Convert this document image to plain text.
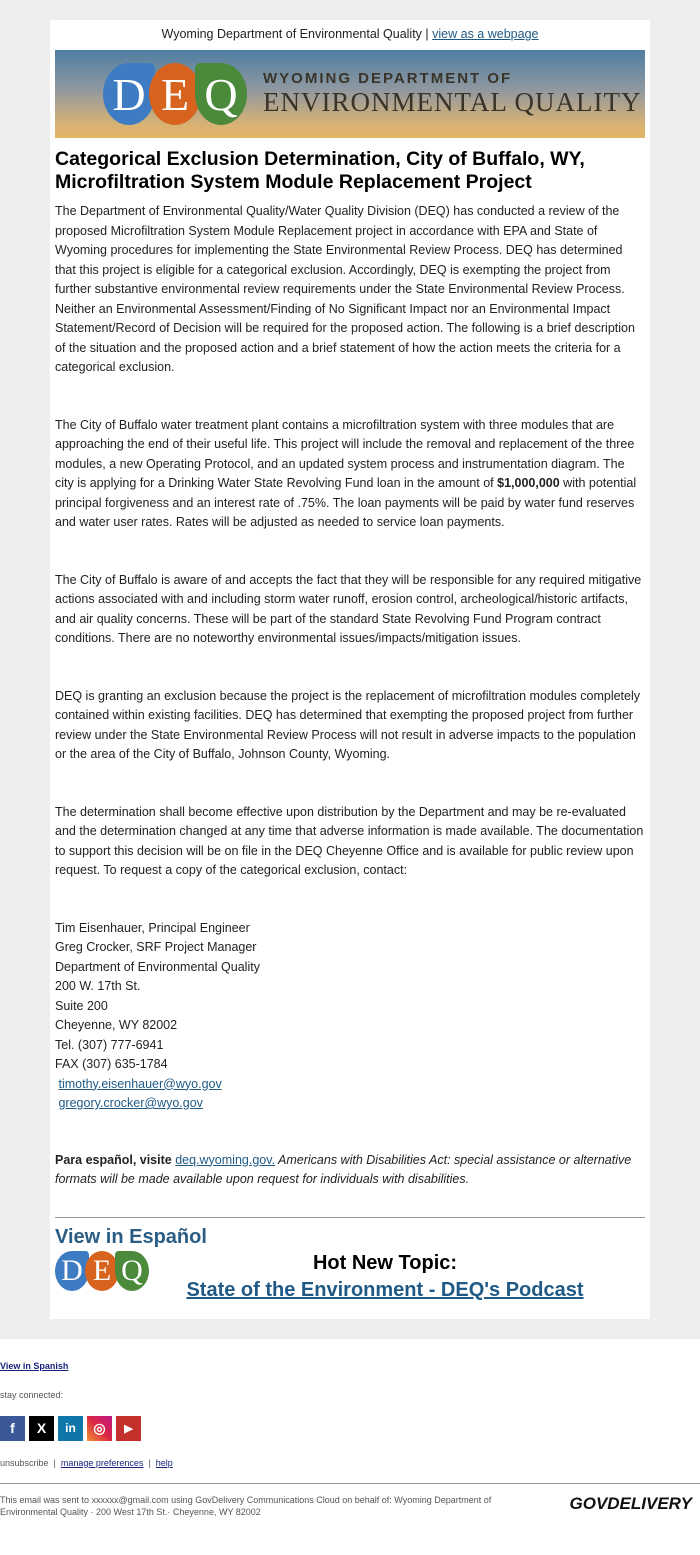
Wyoming Department of Environmental Quality | view as a webpage
D E Q	WYOMING DEPARTMENT OF
ENVIRONMENTAL QUALITY
Categorical Exclusion Determination, City of Buffalo, WY, Microfiltration System Module Replacement Project

The Department of Environmental Quality/Water Quality Division (DEQ) has conducted a review of the proposed Microfiltration System Module Replacement project in accordance with EPA and State of Wyoming procedures for implementing the State Environmental Review Process. DEQ has determined that this project is eligible for a categorical exclusion. Accordingly, DEQ is exempting the project from further substantive environmental review requirements under the State Environmental Review Process. Neither an Environmental Assessment/Finding of No Significant Impact nor an Environmental Impact Statement/Record of Decision will be required for the proposed action. The following is a brief description of the situation and the proposed action and a brief statement of how the action meets the criteria for a categorical exclusion.

The City of Buffalo water treatment plant contains a microfiltration system with three modules that are approaching the end of their useful life. This project will include the removal and replacement of the three modules, a new Operating Protocol, and an updated system process and instrumentation diagram. The city is applying for a Drinking Water State Revolving Fund loan in the amount of $1,000,000 with potential principal forgiveness and an interest rate of .75%. The loan payments will be paid by water fund reserves and water user rates. Rates will be adjusted as needed to service loan payments.

The City of Buffalo is aware of and accepts the fact that they will be responsible for any required mitigative actions associated with and including storm water runoff, erosion control, archeological/historic artifacts, and air quality concerns. These will be part of the standard State Revolving Fund Program contract conditions. There are no noteworthy environmental issues/impacts/mitigation issues.

DEQ is granting an exclusion because the project is the replacement of microfiltration modules completely contained within existing facilities. DEQ has determined that exempting the proposed project from further review under the State Environmental Review Process will not result in adverse impacts to the population or the area of the City of Buffalo, Johnson County, Wyoming.

The determination shall become effective upon distribution by the Department and may be re-evaluated and the determination changed at any time that adverse information is made available. The documentation to support this decision will be on file in the DEQ Cheyenne Office and is available for public review upon request. To request a copy of the categorical exclusion, contact:

Tim Eisenhauer, Principal Engineer
Greg Crocker, SRF Project Manager
Department of Environmental Quality
200 W. 17th St.
Suite 200
Cheyenne, WY 82002
Tel. (307) 777-6941
FAX (307) 635-1784
timothy.eisenhauer@wyo.gov
gregory.crocker@wyo.gov

Para español, visite deq.wyoming.gov. Americans with Disabilities Act: special assistance or alternative formats will be made available upon request for individuals with disabilities.

View in Español
D E Q	Hot New Topic:
State of the Environment - DEQ's Podcast
View in Spanish
stay connected:
f	X	in	◎	▶
unsubscribe  |  manage preferences  |  help
This email was sent to xxxxxx@gmail.com using GovDelivery Communications Cloud on behalf of: Wyoming Department of Environmental Quality · 200 West 17th St.· Cheyenne, WY 82002	GOVDELIVERY
